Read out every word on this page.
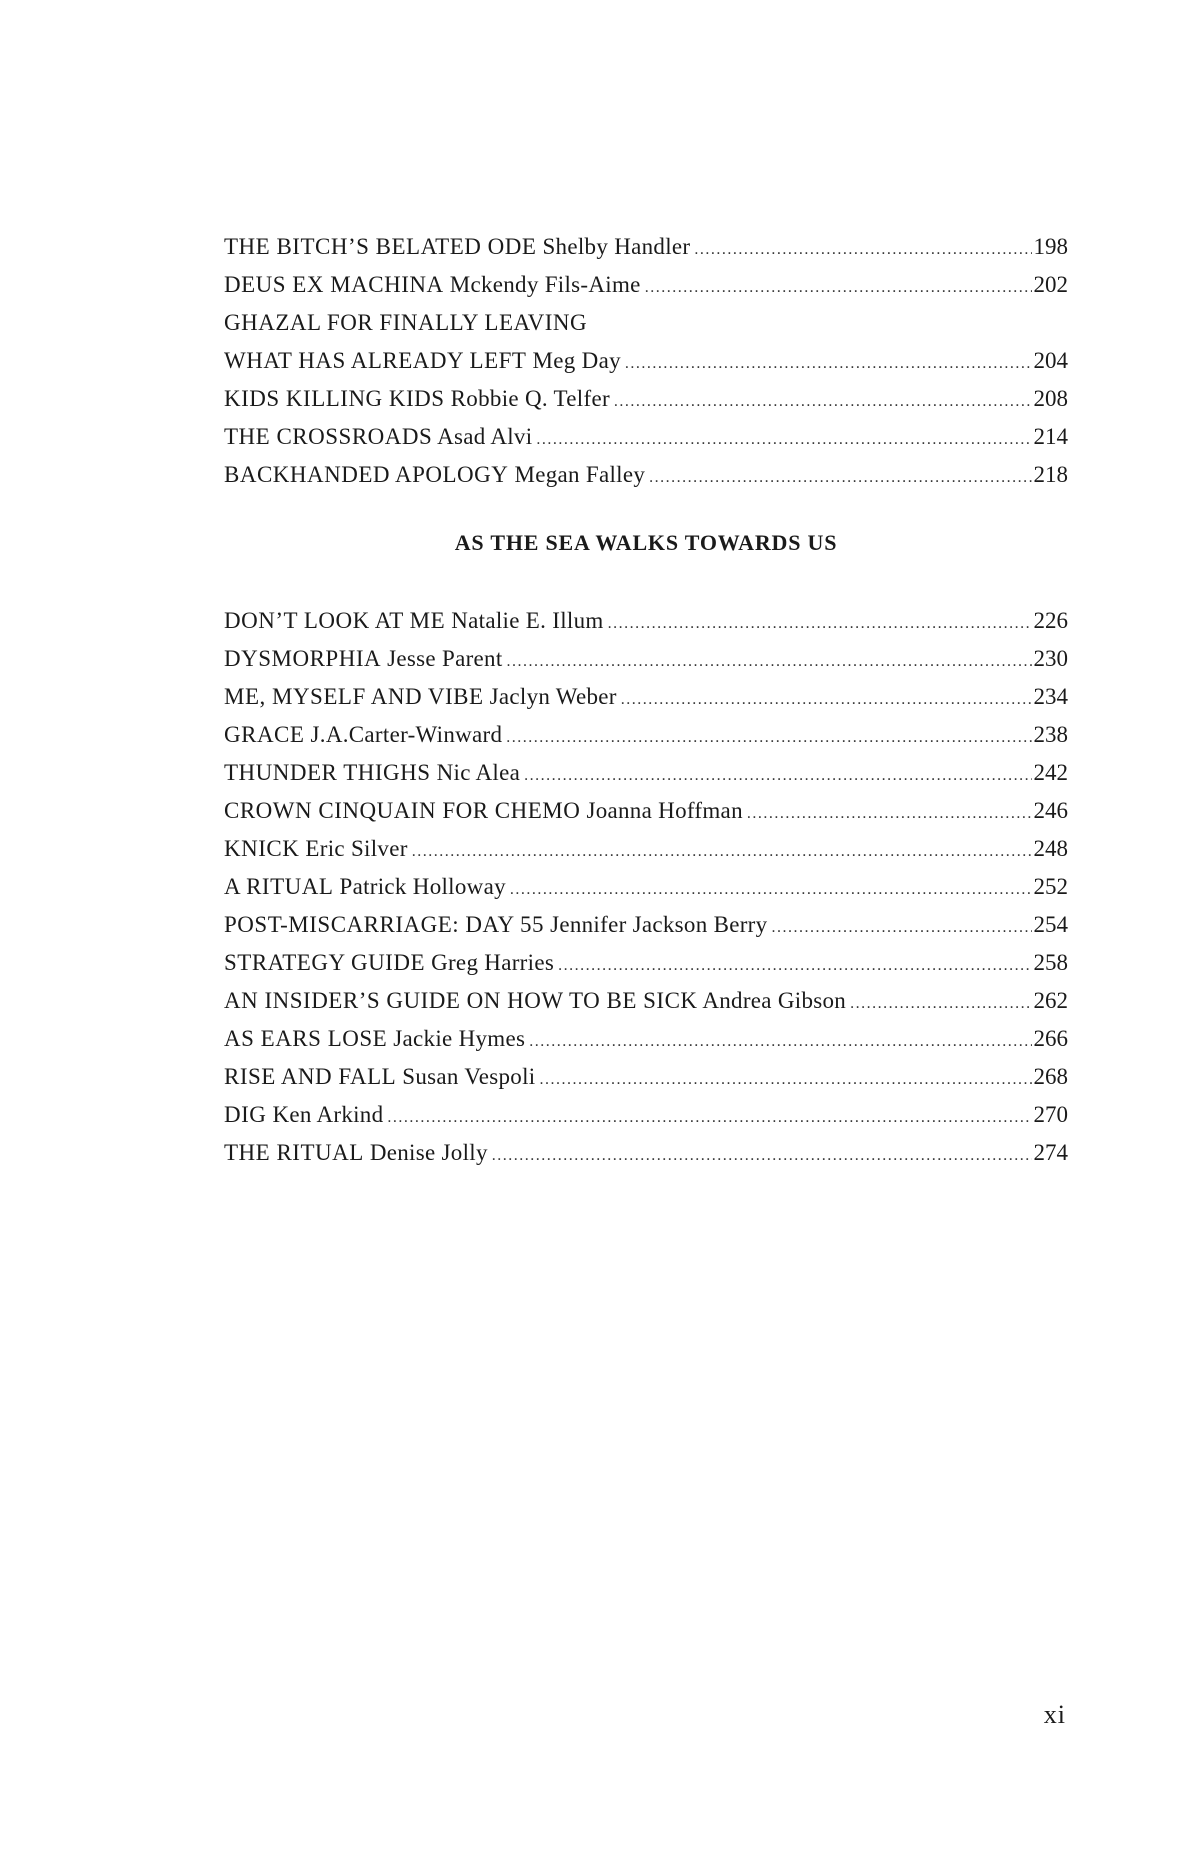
THE BITCH’S BELATED ODE Shelby Handler .....	198
DEUS EX MACHINA Mckendy Fils-Aime .....	202
GHAZAL FOR FINALLY LEAVING
WHAT HAS ALREADY LEFT Meg Day .....	204
KIDS KILLING KIDS Robbie Q. Telfer .....	208
THE CROSSROADS Asad Alvi .....	214
BACKHANDED APOLOGY Megan Falley .....	218
AS THE SEA WALKS TOWARDS US
DON’T LOOK AT ME Natalie E. Illum .....	226
DYSMORPHIA Jesse Parent .....	230
ME, MYSELF AND VIBE Jaclyn Weber .....	234
GRACE J.A.Carter-Winward .....	238
THUNDER THIGHS Nic Alea .....	242
CROWN CINQUAIN FOR CHEMO Joanna Hoffman .....	246
KNICK Eric Silver .....	248
A RITUAL Patrick Holloway .....	252
POST-MISCARRIAGE: DAY 55 Jennifer Jackson Berry .....	254
STRATEGY GUIDE Greg Harries .....	258
AN INSIDER’S GUIDE ON HOW TO BE SICK Andrea Gibson .....	262
AS EARS LOSE Jackie Hymes .....	266
RISE AND FALL Susan Vespoli .....	268
DIG Ken Arkind .....	270
THE RITUAL Denise Jolly .....	274
xi
